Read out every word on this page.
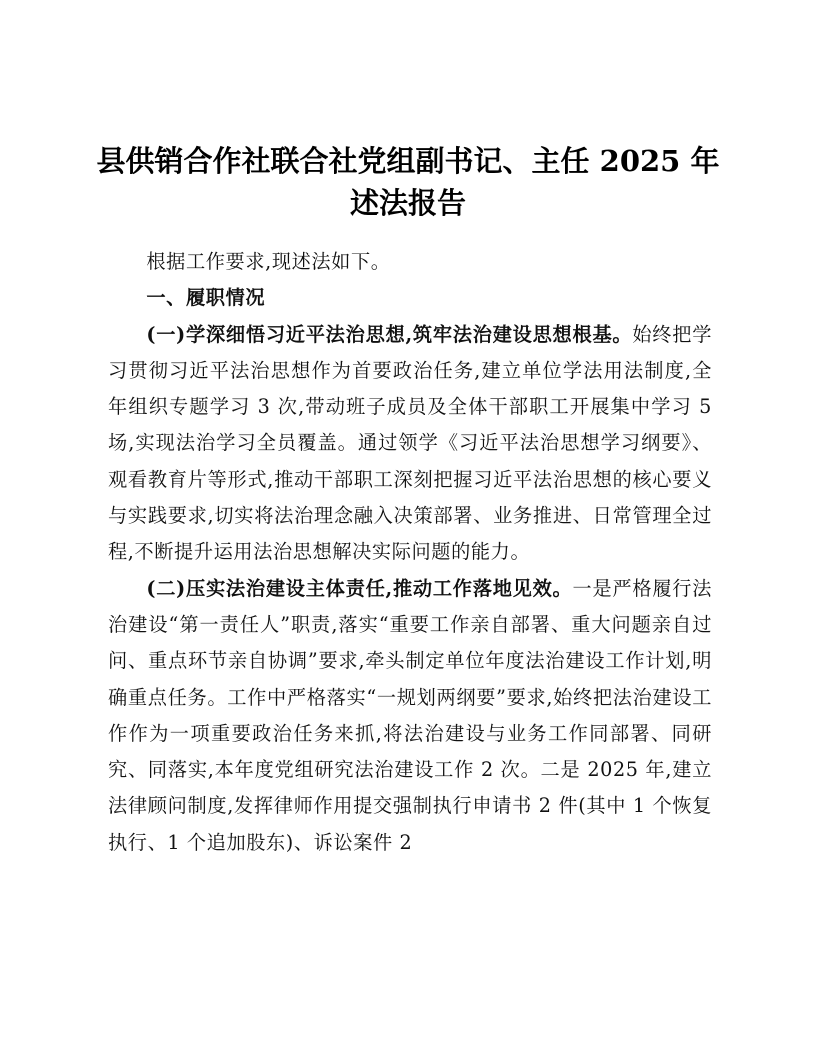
县供销合作社联合社党组副书记、主任 2025 年
述法报告

根据工作要求,现述法如下。

一、履职情况

(一)学深细悟习近平法治思想,筑牢法治建设思想根基。始终把学习贯彻习近平法治思想作为首要政治任务,建立单位学法用法制度,全年组织专题学习 3 次,带动班子成员及全体干部职工开展集中学习 5 场,实现法治学习全员覆盖。通过领学《习近平法治思想学习纲要》、观看教育片等形式,推动干部职工深刻把握习近平法治思想的核心要义与实践要求,切实将法治理念融入决策部署、业务推进、日常管理全过程,不断提升运用法治思想解决实际问题的能力。

(二)压实法治建设主体责任,推动工作落地见效。一是严格履行法治建设“第一责任人”职责,落实“重要工作亲自部署、重大问题亲自过问、重点环节亲自协调”要求,牵头制定单位年度法治建设工作计划,明确重点任务。工作中严格落实“一规划两纲要”要求,始终把法治建设工作作为一项重要政治任务来抓,将法治建设与业务工作同部署、同研究、同落实,本年度党组研究法治建设工作 2 次。二是 2025 年,建立法律顾问制度,发挥律师作用提交强制执行申请书 2 件(其中 1 个恢复执行、1 个追加股东)、诉讼案件 2
